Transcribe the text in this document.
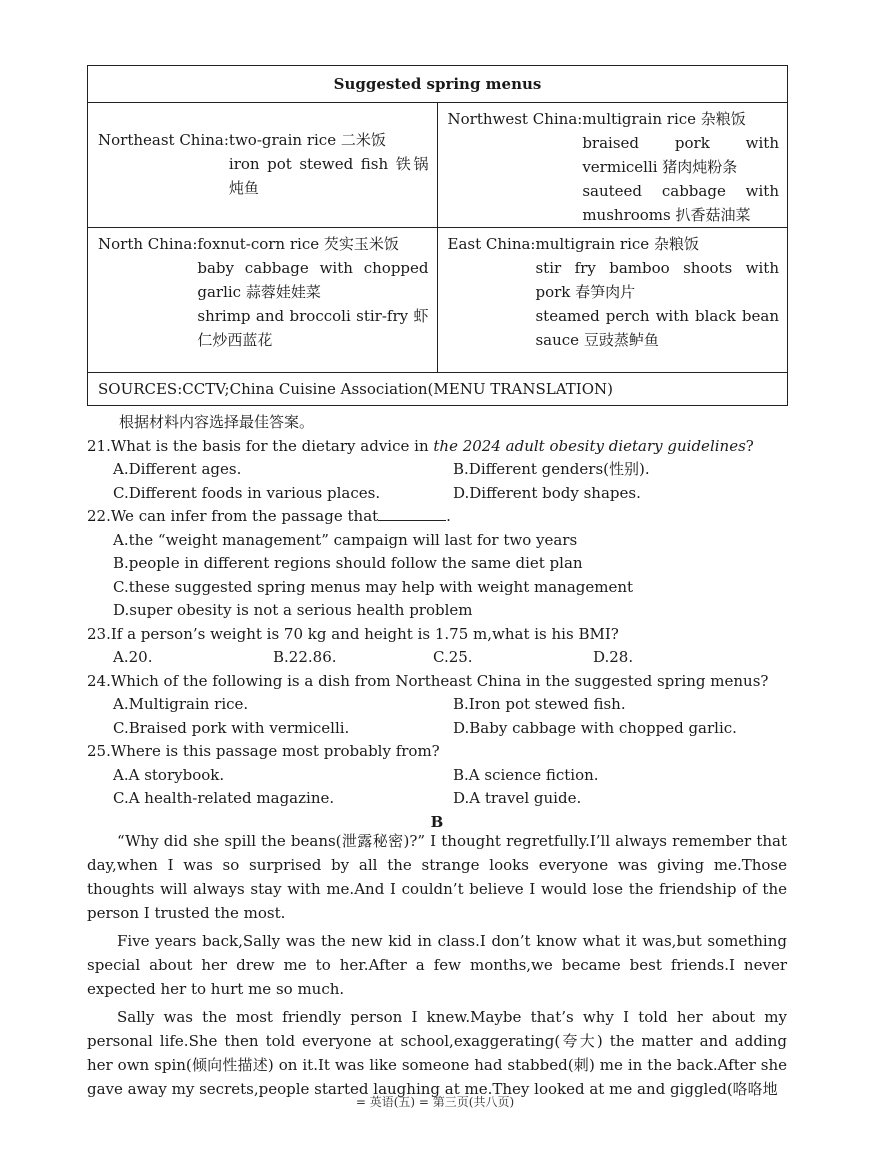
Suggested spring menus
Northeast China: two-grain rice 二米饭
iron pot stewed fish 铁锅炖鱼
Northwest China: multigrain rice 杂粮饭
braised pork with vermicelli 猪肉炖粉条
sauteed cabbage with mushrooms 扒香菇油菜
North China: foxnut-corn rice 芡实玉米饭
baby cabbage with chopped garlic 蒜蓉娃娃菜
shrimp and broccoli stir-fry 虾仁炒西蓝花
East China: multigrain rice 杂粮饭
stir fry bamboo shoots with pork 春笋肉片
steamed perch with black bean sauce 豆豉蒸鲈鱼
SOURCES:CCTV;China Cuisine Association(MENU TRANSLATION)
根据材料内容选择最佳答案。
21.What is the basis for the dietary advice in the 2024 adult obesity dietary guidelines?
A.Different ages.	B.Different genders(性别).
C.Different foods in various places.	D.Different body shapes.
22.We can infer from the passage that	.
A.the “weight management” campaign will last for two years
B.people in different regions should follow the same diet plan
C.these suggested spring menus may help with weight management
D.super obesity is not a serious health problem
23.If a person’s weight is 70 kg and height is 1.75 m,what is his BMI?
A.20.	B.22.86.	C.25.	D.28.
24.Which of the following is a dish from Northeast China in the suggested spring menus?
A.Multigrain rice.	B.Iron pot stewed fish.
C.Braised pork with vermicelli.	D.Baby cabbage with chopped garlic.
25.Where is this passage most probably from?
A.A storybook.	B.A science fiction.
C.A health-related magazine.	D.A travel guide.
B

“Why did she spill the beans(泄露秘密)?” I thought regretfully.I’ll always remember that day,when I was so surprised by all the strange looks everyone was giving me.Those thoughts will always stay with me.And I couldn’t believe I would lose the friendship of the person I trusted the most.

Five years back,Sally was the new kid in class.I don’t know what it was,but something special about her drew me to her.After a few months,we became best friends.I never expected her to hurt me so much.

Sally was the most friendly person I knew.Maybe that’s why I told her about my personal life.She then told everyone at school,exaggerating(夸大) the matter and adding her own spin(倾向性描述) on it.It was like someone had stabbed(刺) me in the back.After she gave away my secrets,people started laughing at me.They looked at me and giggled(咯咯地

= 英语(五) = 第三页(共八页)
